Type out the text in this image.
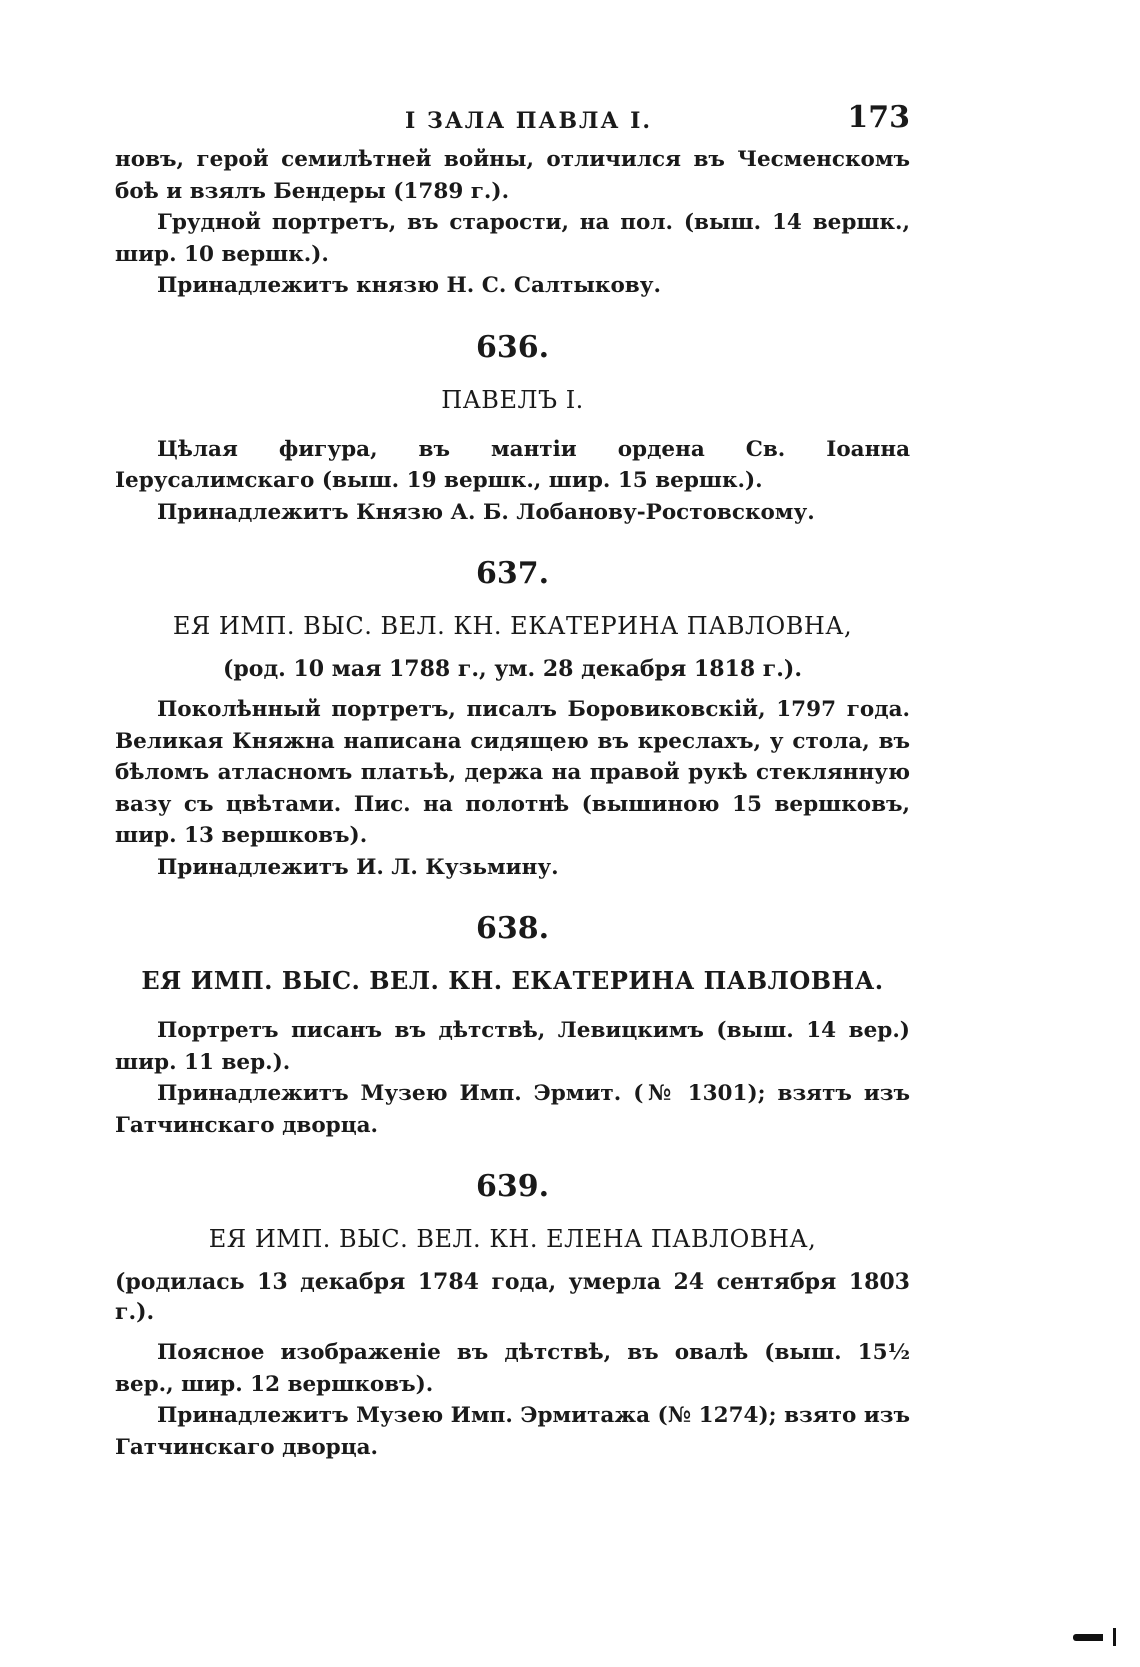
I ЗАЛА ПАВЛА I.	173

новъ, герой семилѣтней войны, отличился въ Чесменскомъ боѣ и взялъ Бендеры (1789 г.).

Грудной портретъ, въ старости, на пол. (выш. 14 вершк., шир. 10 вершк.).

Принадлежитъ князю Н. С. Салтыкову.

636.
ПАВЕЛЪ I.

Цѣлая фигура, въ мантіи ордена Св. Іоанна Іерусалимскаго (выш. 19 вершк., шир. 15 вершк.).

Принадлежитъ Князю А. Б. Лобанову-Ростовскому.

637.
ЕЯ ИМП. ВЫС. ВЕЛ. КН. ЕКАТЕРИНА ПАВЛОВНА,
(род. 10 мая 1788 г., ум. 28 декабря 1818 г.).

Поколѣнный портретъ, писалъ Боровиковскій, 1797 года. Великая Княжна написана сидящею въ креслахъ, у стола, въ бѣломъ атласномъ платьѣ, держа на правой рукѣ стеклянную вазу съ цвѣтами. Пис. на полотнѣ (вышиною 15 вершковъ, шир. 13 вершковъ).

Принадлежитъ И. Л. Кузьмину.

638.
ЕЯ ИМП. ВЫС. ВЕЛ. КН. ЕКАТЕРИНА ПАВЛОВНА.

Портретъ писанъ въ дѣтствѣ, Левицкимъ (выш. 14 вер.) шир. 11 вер.).

Принадлежитъ Музею Имп. Эрмит. (№ 1301); взятъ изъ Гатчинскаго дворца.

639.
ЕЯ ИМП. ВЫС. ВЕЛ. КН. ЕЛЕНА ПАВЛОВНА,
(родилась 13 декабря 1784 года, умерла 24 сентября 1803 г.).

Поясное изображеніе въ дѣтствѣ, въ овалѣ (выш. 15½ вер., шир. 12 вершковъ).

Принадлежитъ Музею Имп. Эрмитажа (№ 1274); взято изъ Гатчинскаго дворца.
